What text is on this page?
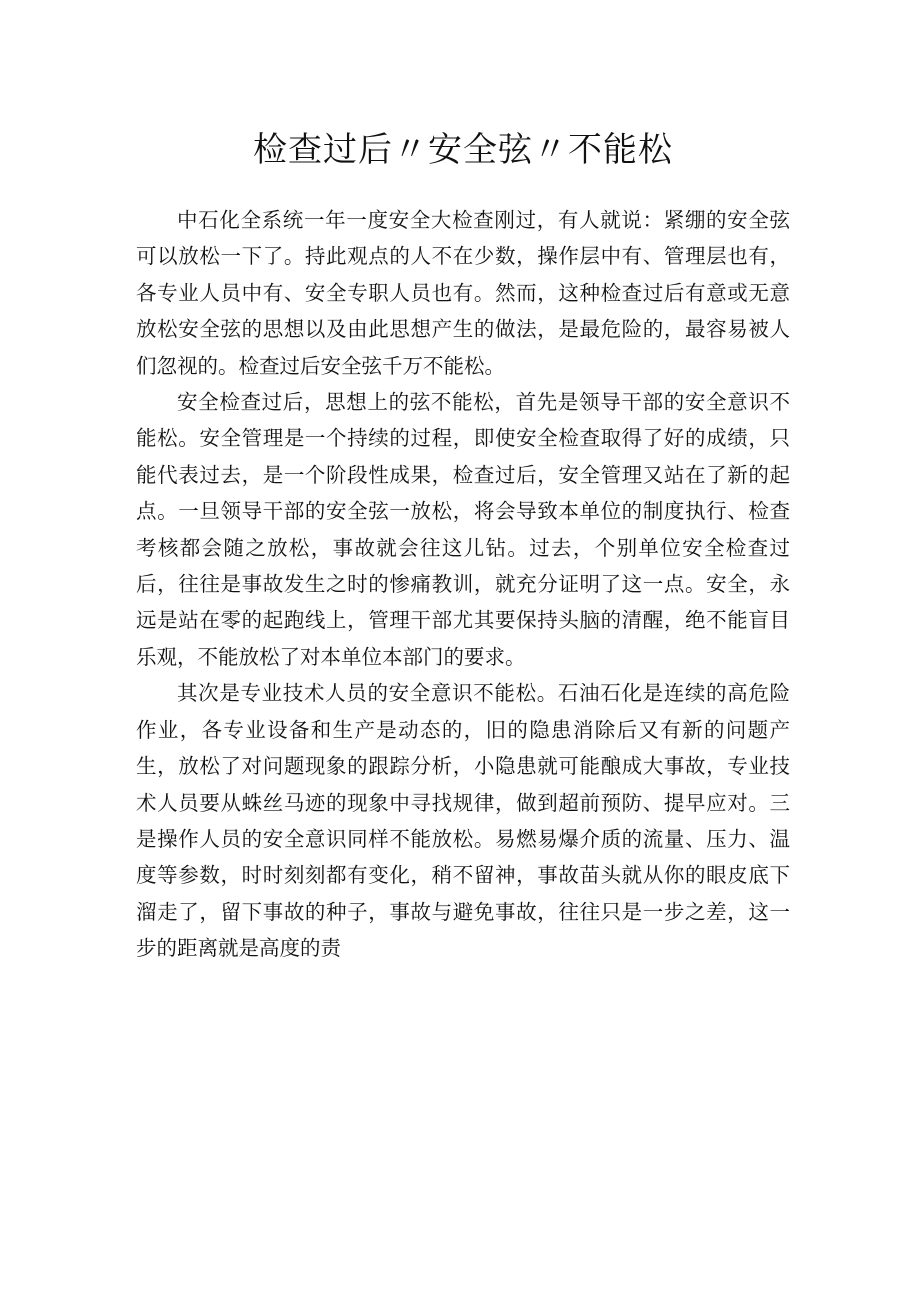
检查过后〃安全弦〃不能松

中石化全系统一年一度安全大检查刚过，有人就说：紧绷的安全弦可以放松一下了。持此观点的人不在少数，操作层中有、管理层也有，各专业人员中有、安全专职人员也有。然而，这种检查过后有意或无意放松安全弦的思想以及由此思想产生的做法，是最危险的，最容易被人们忽视的。检查过后安全弦千万不能松。

安全检查过后，思想上的弦不能松，首先是领导干部的安全意识不能松。安全管理是一个持续的过程，即使安全检查取得了好的成绩，只能代表过去，是一个阶段性成果，检查过后，安全管理又站在了新的起点。一旦领导干部的安全弦一放松，将会导致本单位的制度执行、检查考核都会随之放松，事故就会往这儿钻。过去，个别单位安全检查过后，往往是事故发生之时的惨痛教训，就充分证明了这一点。安全，永远是站在零的起跑线上，管理干部尤其要保持头脑的清醒，绝不能盲目乐观，不能放松了对本单位本部门的要求。

其次是专业技术人员的安全意识不能松。石油石化是连续的高危险作业，各专业设备和生产是动态的，旧的隐患消除后又有新的问题产生，放松了对问题现象的跟踪分析，小隐患就可能酿成大事故，专业技术人员要从蛛丝马迹的现象中寻找规律，做到超前预防、提早应对。三是操作人员的安全意识同样不能放松。易燃易爆介质的流量、压力、温度等参数，时时刻刻都有变化，稍不留神，事故苗头就从你的眼皮底下溜走了，留下事故的种子，事故与避免事故，往往只是一步之差，这一步的距离就是高度的责
